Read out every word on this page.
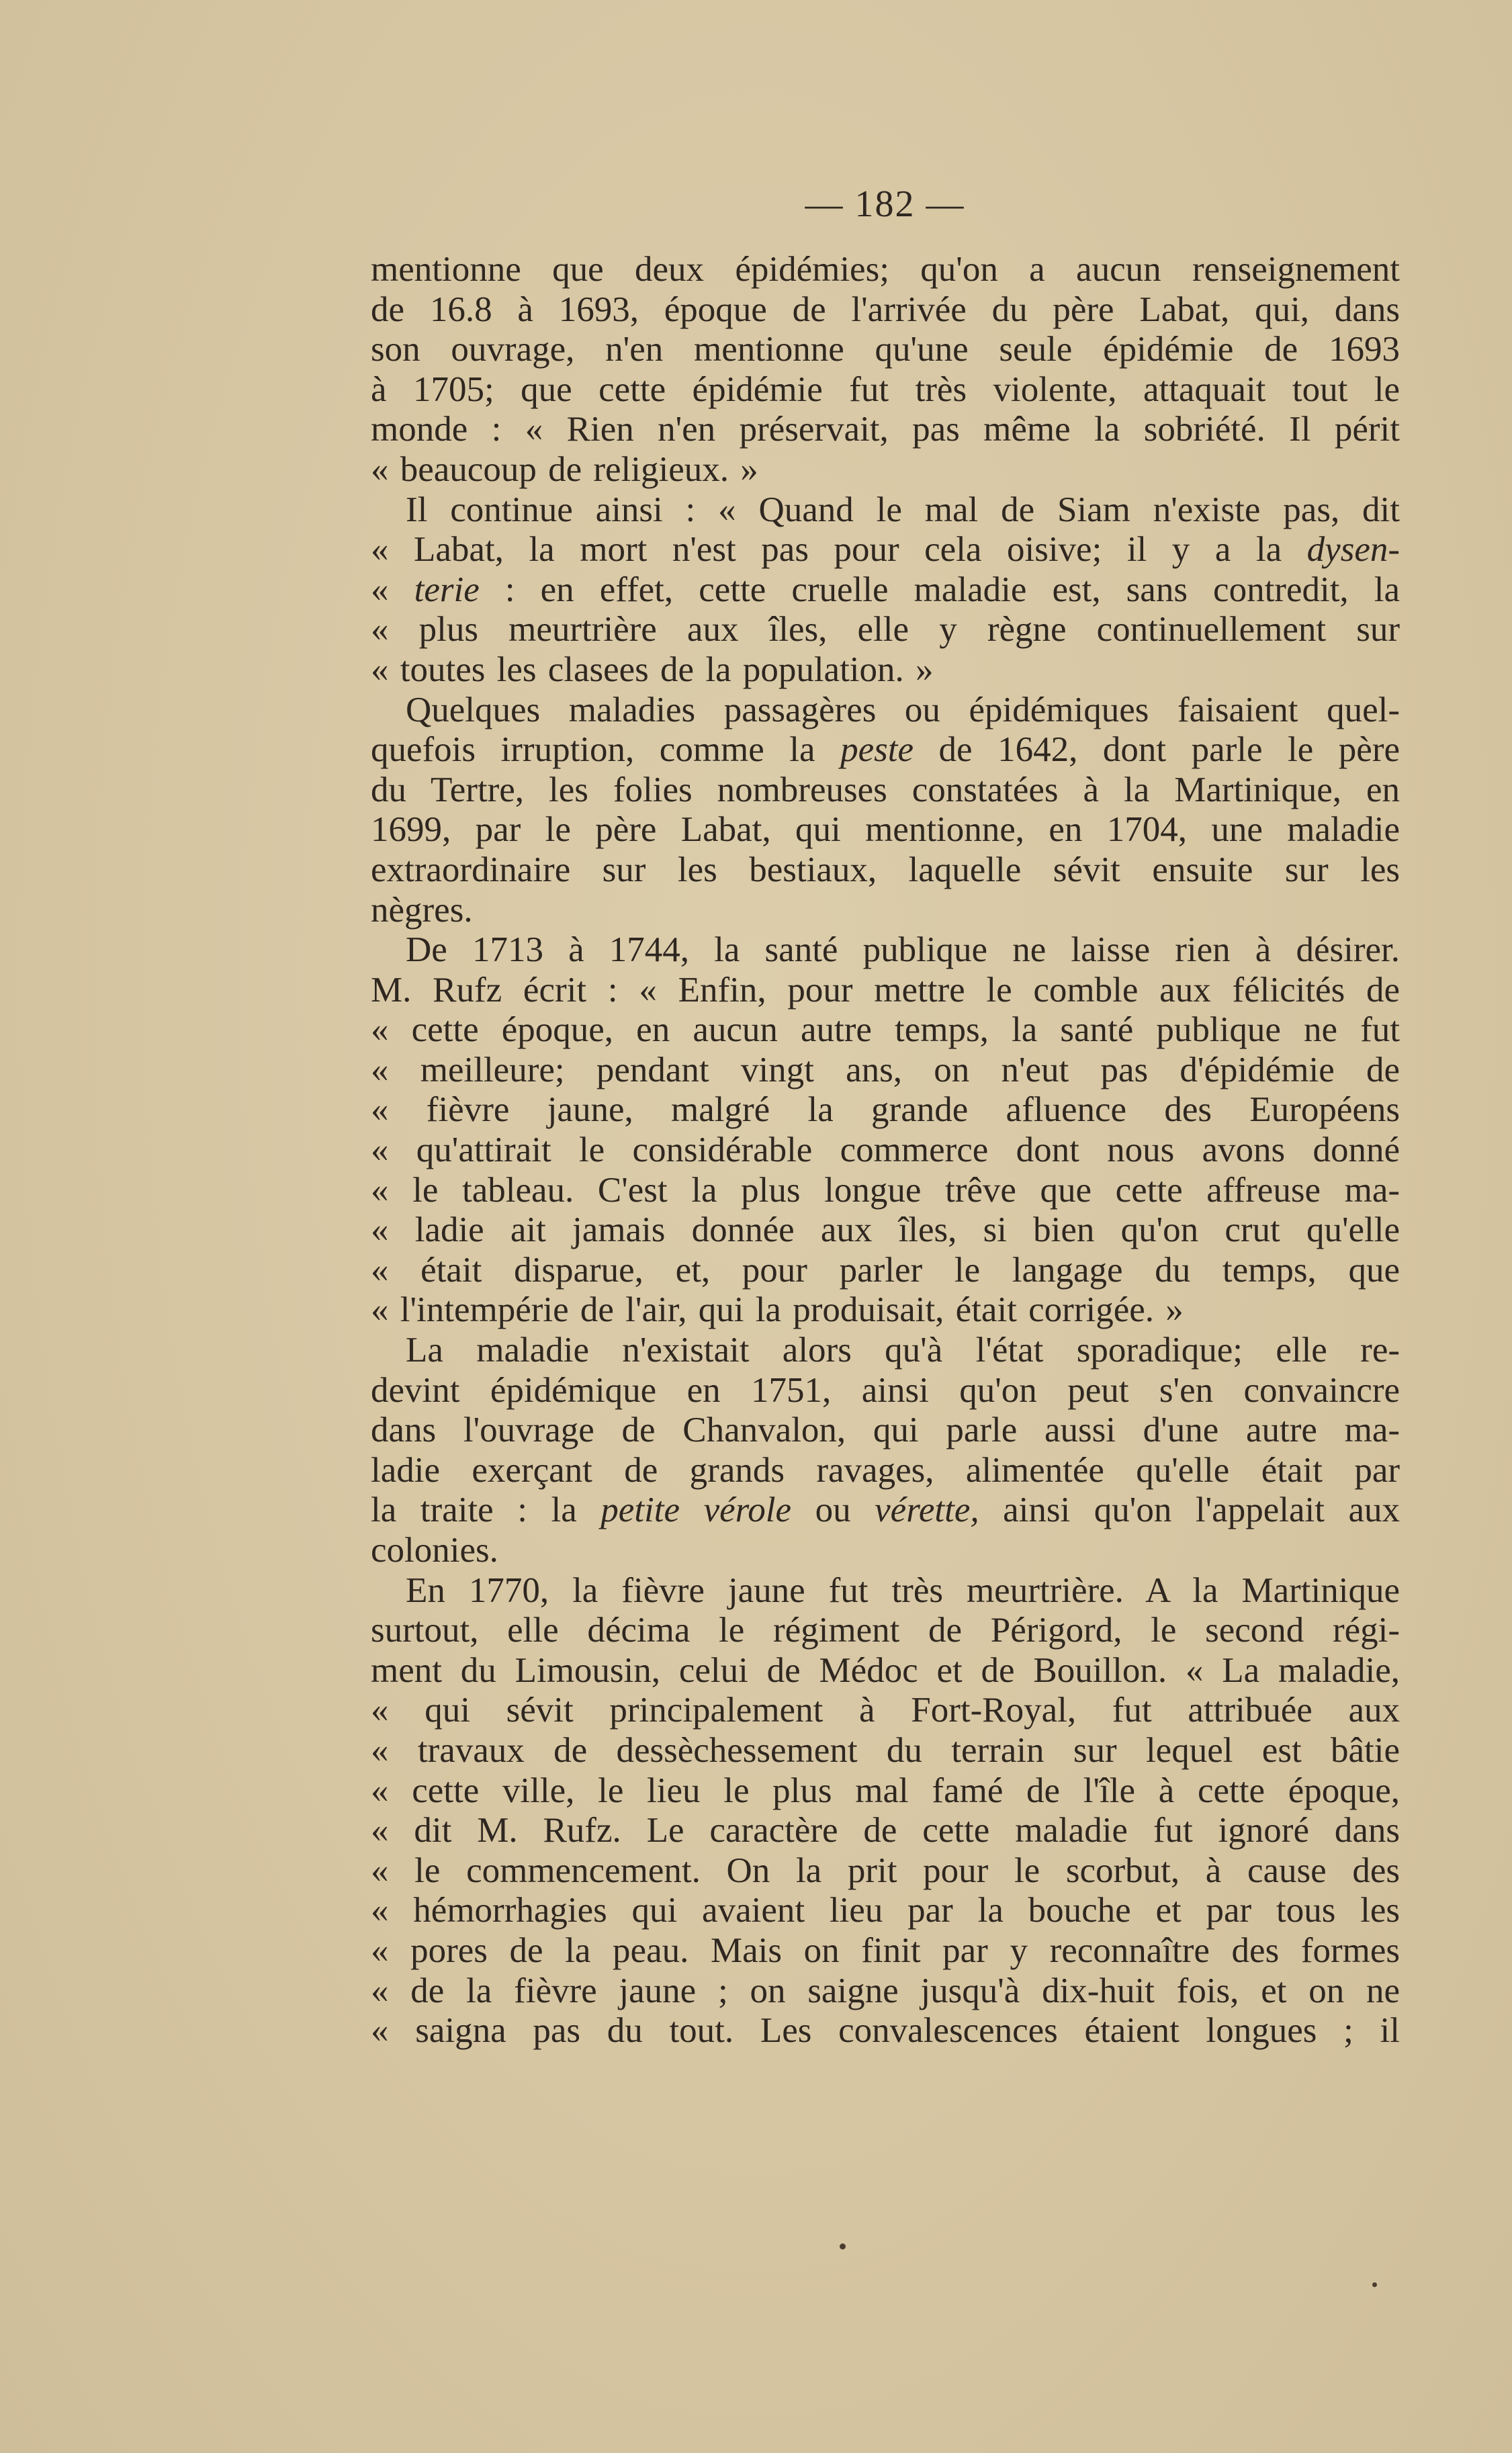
— 182 —
mentionne que deux épidémies; qu'on a aucun renseignement
de 16.8 à 1693, époque de l'arrivée du père Labat, qui, dans
son ouvrage, n'en mentionne qu'une seule épidémie de 1693
à 1705; que cette épidémie fut très violente, attaquait tout le
monde : « Rien n'en préservait, pas même la sobriété. Il périt
« beaucoup de religieux. »
Il continue ainsi : « Quand le mal de Siam n'existe pas, dit
« Labat, la mort n'est pas pour cela oisive; il y a la dysen-
« terie : en effet, cette cruelle maladie est, sans contredit, la
« plus meurtrière aux îles, elle y règne continuellement sur
« toutes les clasees de la population. »
Quelques maladies passagères ou épidémiques faisaient quel-
quefois irruption, comme la peste de 1642, dont parle le père
du Tertre, les folies nombreuses constatées à la Martinique, en
1699, par le père Labat, qui mentionne, en 1704, une maladie
extraordinaire sur les bestiaux, laquelle sévit ensuite sur les
nègres.
De 1713 à 1744, la santé publique ne laisse rien à désirer.
M. Rufz écrit : « Enfin, pour mettre le comble aux félicités de
« cette époque, en aucun autre temps, la santé publique ne fut
« meilleure; pendant vingt ans, on n'eut pas d'épidémie de
« fièvre jaune, malgré la grande afluence des Européens
« qu'attirait le considérable commerce dont nous avons donné
« le tableau. C'est la plus longue trêve que cette affreuse ma-
« ladie ait jamais donnée aux îles, si bien qu'on crut qu'elle
« était disparue, et, pour parler le langage du temps, que
« l'intempérie de l'air, qui la produisait, était corrigée. »
La maladie n'existait alors qu'à l'état sporadique; elle re-
devint épidémique en 1751, ainsi qu'on peut s'en convaincre
dans l'ouvrage de Chanvalon, qui parle aussi d'une autre ma-
ladie exerçant de grands ravages, alimentée qu'elle était par
la traite : la petite vérole ou vérette, ainsi qu'on l'appelait aux
colonies.
En 1770, la fièvre jaune fut très meurtrière. A la Martinique
surtout, elle décima le régiment de Périgord, le second régi-
ment du Limousin, celui de Médoc et de Bouillon. « La maladie,
« qui sévit principalement à Fort-Royal, fut attribuée aux
« travaux de dessèchessement du terrain sur lequel est bâtie
« cette ville, le lieu le plus mal famé de l'île à cette époque,
« dit M. Rufz. Le caractère de cette maladie fut ignoré dans
« le commencement. On la prit pour le scorbut, à cause des
« hémorrhagies qui avaient lieu par la bouche et par tous les
« pores de la peau. Mais on finit par y reconnaître des formes
« de la fièvre jaune ; on saigne jusqu'à dix-huit fois, et on ne
« saigna pas du tout. Les convalescences étaient longues ; il
